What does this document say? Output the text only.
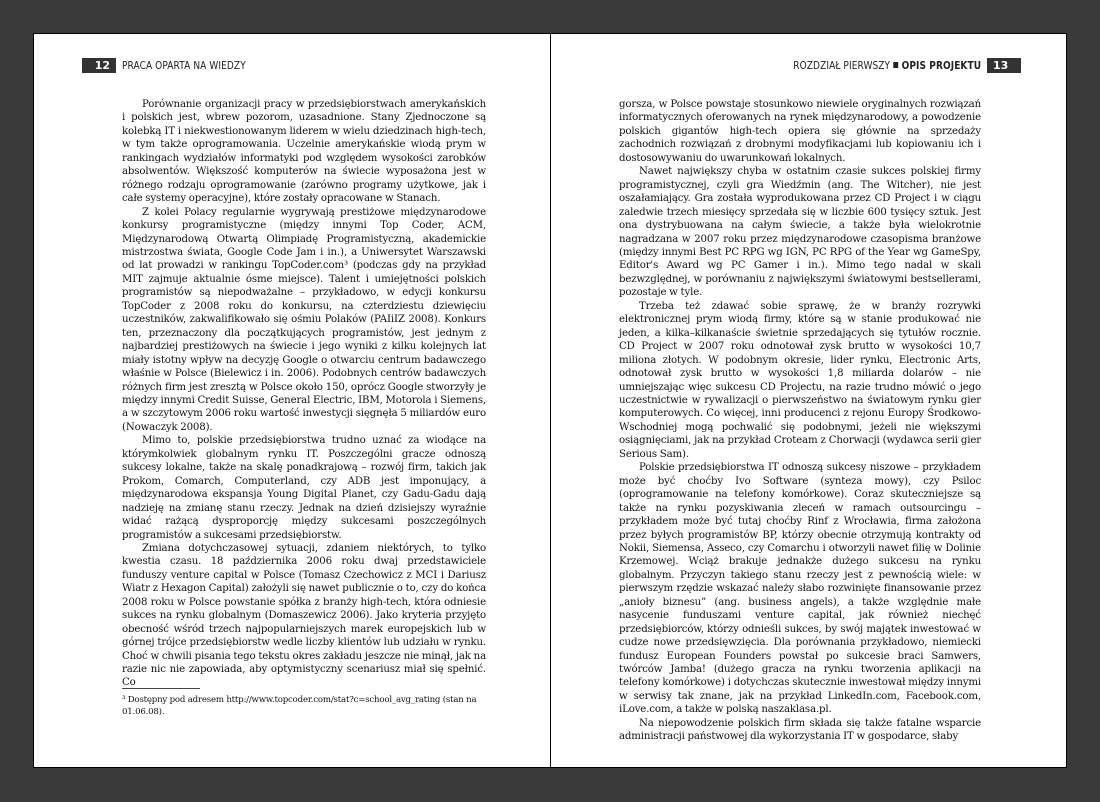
12	PRACA OPARTA NA WIEDZY

Porównanie organizacji pracy w przedsiębiorstwach amerykańskich i polskich jest, wbrew pozorom, uzasadnione. Stany Zjednoczone są kolebką IT i niekwestionowanym liderem w wielu dziedzinach high-tech, w tym także oprogramowania. Uczelnie amerykańskie wiodą prym w rankingach wydziałów informatyki pod względem wysokości zarobków absolwentów. Większość komputerów na świecie wyposażona jest w różnego rodzaju oprogramowanie (zarówno programy użytkowe, jak i całe systemy operacyjne), które zostały opracowane w Stanach.

Z kolei Polacy regularnie wygrywają prestiżowe międzynarodowe konkursy programistyczne (między innymi Top Coder, ACM, Międzynarodową Otwartą Olimpiadę Programistyczną, akademickie mistrzostwa świata, Google Code Jam i in.), a Uniwersytet Warszawski od lat prowadzi w rankingu TopCoder.com³ (podczas gdy na przykład MIT zajmuje aktualnie ósme miejsce). Talent i umiejętności polskich programistów są niepodważalne – przykładowo, w edycji konkursu TopCoder z 2008 roku do konkursu, na czterdziestu dziewięciu uczestników, zakwalifikowało się ośmiu Polaków (PAIiIZ 2008). Konkurs ten, przeznaczony dla początkujących programistów, jest jednym z najbardziej prestiżowych na świecie i jego wyniki z kilku kolejnych lat miały istotny wpływ na decyzję Google o otwarciu centrum badawczego właśnie w Polsce (Bielewicz i in. 2006). Podobnych centrów badawczych różnych firm jest zresztą w Polsce około 150, oprócz Google stworzyły je między innymi Credit Suisse, General Electric, IBM, Motorola i Siemens, a w szczytowym 2006 roku wartość inwestycji sięgnęła 5 miliardów euro (Nowaczyk 2008).

Mimo to, polskie przedsiębiorstwa trudno uznać za wiodące na którymkolwiek globalnym rynku IT. Poszczególni gracze odnoszą sukcesy lokalne, także na skalę ponadkrajową – rozwój firm, takich jak Prokom, Comarch, Computerland, czy ADB jest imponujący, a międzynarodowa ekspansja Young Digital Planet, czy Gadu-Gadu dają nadzieję na zmianę stanu rzeczy. Jednak na dzień dzisiejszy wyraźnie widać rażącą dysproporcję między sukcesami poszczególnych programistów a sukcesami przedsiębiorstw.

Zmiana dotychczasowej sytuacji, zdaniem niektórych, to tylko kwestia czasu. 18 października 2006 roku dwaj przedstawiciele funduszy venture capital w Polsce (Tomasz Czechowicz z MCI i Dariusz Wiatr z Hexagon Capital) założyli się nawet publicznie o to, czy do końca 2008 roku w Polsce powstanie spółka z branży high-tech, która odniesie sukces na rynku globalnym (Domaszewicz 2006). Jako kryteria przyjęto obecność wśród trzech najpopularniejszych marek europejskich lub w górnej trójce przedsiębiorstw wedle liczby klientów lub udziału w rynku. Choć w chwili pisania tego tekstu okres zakładu jeszcze nie minął, jak na razie nic nie zapowiada, aby optymistyczny scenariusz miał się spełnić. Co

³ Dostępny pod adresem http://www.topcoder.com/stat?c=school_avg_rating (stan na 01.06.08).
ROZDZIAŁ PIERWSZY OPIS PROJEKTU	13

gorsza, w Polsce powstaje stosunkowo niewiele oryginalnych rozwiązań informatycznych oferowanych na rynek międzynarodowy, a powodzenie polskich gigantów high-tech opiera się głównie na sprzedaży zachodnich rozwiązań z drobnymi modyfikacjami lub kopiowaniu ich i dostosowywaniu do uwarunkowań lokalnych.

Nawet największy chyba w ostatnim czasie sukces polskiej firmy programistycznej, czyli gra Wiedźmin (ang. The Witcher), nie jest oszałamiający. Gra została wyprodukowana przez CD Project i w ciągu zaledwie trzech miesięcy sprzedała się w liczbie 600 tysięcy sztuk. Jest ona dystrybuowana na całym świecie, a także była wielokrotnie nagradzana w 2007 roku przez międzynarodowe czasopisma branżowe (między innymi Best PC RPG wg IGN, PC RPG of the Year wg GameSpy, Editor's Award wg PC Gamer i in.). Mimo tego nadal w skali bezwzględnej, w porównaniu z największymi światowymi bestsellerami, pozostaje w tyle.

Trzeba też zdawać sobie sprawę, że w branży rozrywki elektronicznej prym wiodą firmy, które są w stanie produkować nie jeden, a kilka–kilkanaście świetnie sprzedających się tytułów rocznie. CD Project w 2007 roku odnotował zysk brutto w wysokości 10,7 miliona złotych. W podobnym okresie, lider rynku, Electronic Arts, odnotował zysk brutto w wysokości 1,8 miliarda dolarów – nie umniejszając więc sukcesu CD Projectu, na razie trudno mówić o jego uczestnictwie w rywalizacji o pierwszeństwo na światowym rynku gier komputerowych. Co więcej, inni producenci z rejonu Europy Środkowo-Wschodniej mogą pochwalić się podobnymi, jeżeli nie większymi osiągnięciami, jak na przykład Croteam z Chorwacji (wydawca serii gier Serious Sam).

Polskie przedsiębiorstwa IT odnoszą sukcesy niszowe – przykładem może być choćby Ivo Software (synteza mowy), czy Psiloc (oprogramowanie na telefony komórkowe). Coraz skuteczniejsze są także na rynku pozyskiwania zleceń w ramach outsourcingu – przykładem może być tutaj choćby Rinf z Wrocławia, firma założona przez byłych programistów BP, którzy obecnie otrzymują kontrakty od Nokii, Siemensa, Asseco, czy Comarchu i otworzyli nawet filię w Dolinie Krzemowej. Wciąż brakuje jednakże dużego sukcesu na rynku globalnym. Przyczyn takiego stanu rzeczy jest z pewnością wiele: w pierwszym rzędzie wskazać należy słabo rozwinięte finansowanie przez „anioły biznesu” (ang. business angels), a także względnie małe nasycenie funduszami venture capital, jak również niechęć przedsiębiorców, którzy odnieśli sukces, by swój majątek inwestować w cudze nowe przedsięwzięcia. Dla porównania przykładowo, niemiecki fundusz European Founders powstał po sukcesie braci Samwers, twórców Jamba! (dużego gracza na rynku tworzenia aplikacji na telefony komórkowe) i dotychczas skutecznie inwestował między innymi w serwisy tak znane, jak na przykład LinkedIn.com, Facebook.com, iLove.com, a także w polską naszaklasa.pl.

Na niepowodzenie polskich firm składa się także fatalne wsparcie administracji państwowej dla wykorzystania IT w gospodarce, słaby
